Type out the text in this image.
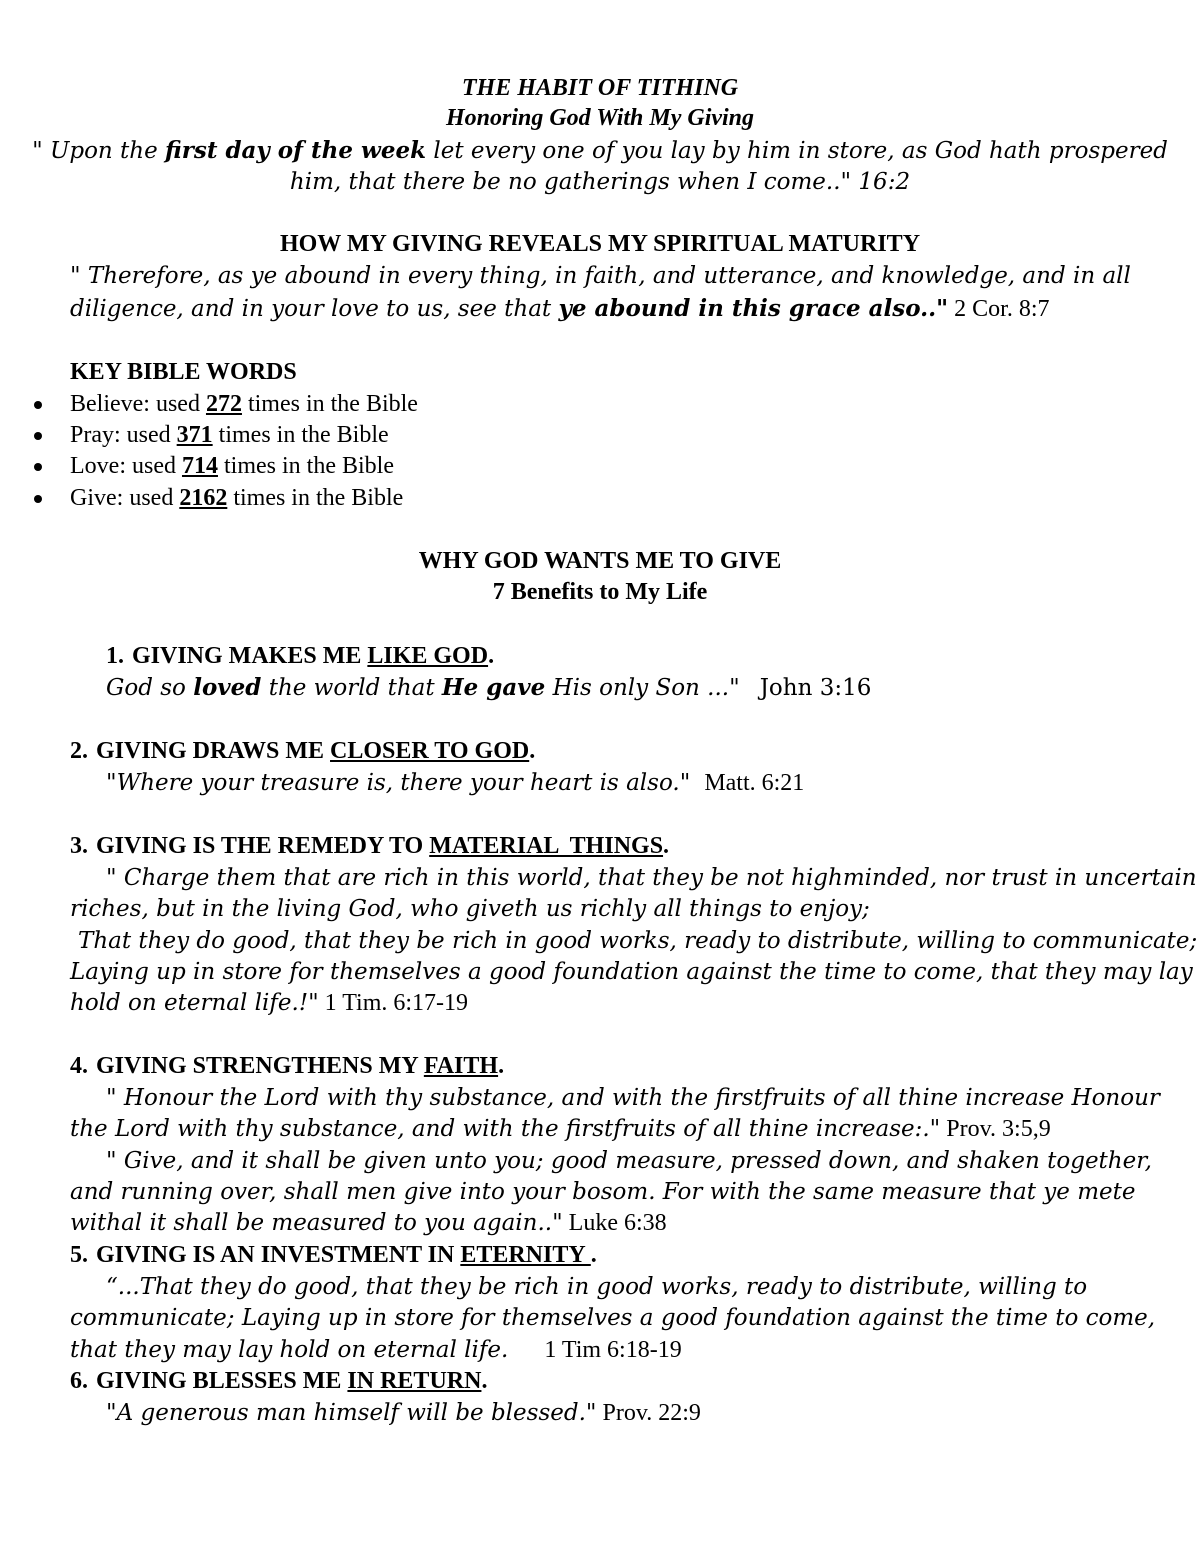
THE HABIT OF TITHING
Honoring God With My Giving
" Upon the first day of the week let every one of you lay by him in store, as God hath prospered
him, that there be no gatherings when I come.." 16:2
HOW MY GIVING REVEALS MY SPIRITUAL MATURITY
" Therefore, as ye abound in every thing, in faith, and utterance, and knowledge, and in all
diligence, and in your love to us, see that ye abound in this grace also.." 2 Cor. 8:7
KEY BIBLE WORDS
Believe: used 272 times in the Bible
Pray: used 371 times in the Bible
Love: used 714 times in the Bible
Give: used 2162 times in the Bible
WHY GOD WANTS ME TO GIVE
7 Benefits to My Life
1. GIVING MAKES ME LIKE GOD.
God so loved the world that He gave His only Son ..." John 3:16
2. GIVING DRAWS ME CLOSER TO GOD.
"Where your treasure is, there your heart is also." Matt. 6:21
3. GIVING IS THE REMEDY TO MATERIAL  THINGS.
" Charge them that are rich in this world, that they be not highminded, nor trust in uncertain
riches, but in the living God, who giveth us richly all things to enjoy;
That they do good, that they be rich in good works, ready to distribute, willing to communicate;
Laying up in store for themselves a good foundation against the time to come, that they may lay
hold on eternal life.!" 1 Tim. 6:17-19
4. GIVING STRENGTHENS MY FAITH.
" Honour the Lord with thy substance, and with the firstfruits of all thine increase Honour
the Lord with thy substance, and with the firstfruits of all thine increase:." Prov. 3:5,9
" Give, and it shall be given unto you; good measure, pressed down, and shaken together,
and running over, shall men give into your bosom. For with the same measure that ye mete
withal it shall be measured to you again.." Luke 6:38
5. GIVING IS AN INVESTMENT IN ETERNITY .
“...That they do good, that they be rich in good works, ready to distribute, willing to
communicate; Laying up in store for themselves a good foundation against the time to come,
that they may lay hold on eternal life. 1 Tim 6:18-19
6. GIVING BLESSES ME IN RETURN.
"A generous man himself will be blessed." Prov. 22:9
